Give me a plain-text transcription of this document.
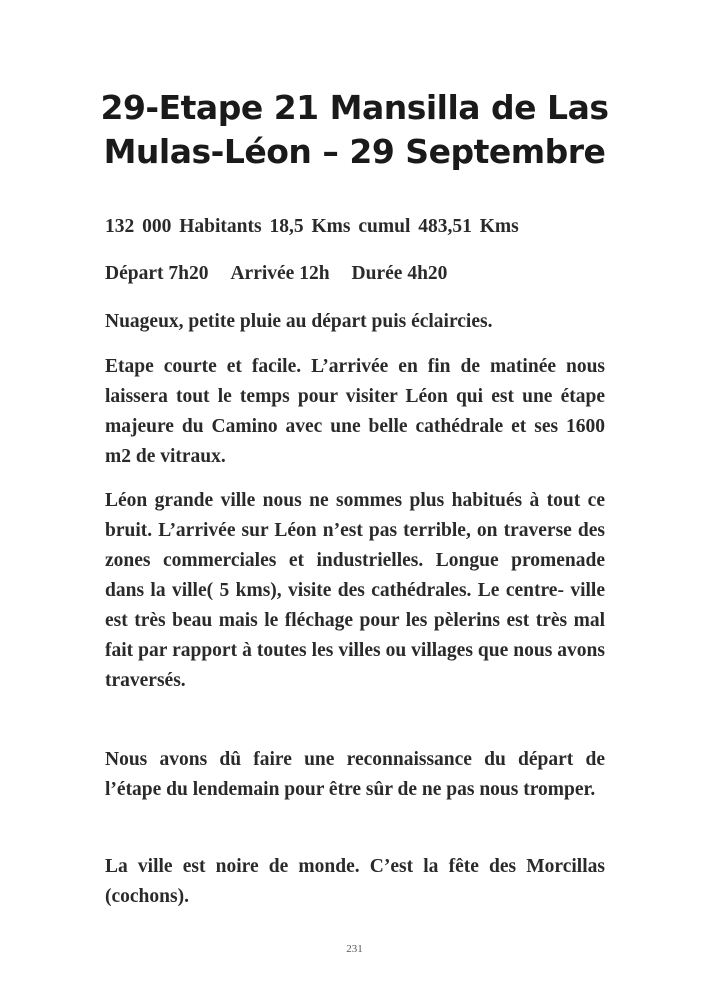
29-Etape 21 Mansilla de Las
Mulas-Léon – 29 Septembre

132 000 Habitants 18,5 Kms cumul 483,51 Kms

Départ 7h20 Arrivée 12h Durée 4h20

Nuageux, petite pluie au départ puis éclaircies.

Etape courte et facile. L’arrivée en fin de matinée nous laissera tout le temps pour visiter Léon qui est une étape majeure du Camino avec une belle cathédrale et ses 1600 m2 de vitraux.

Léon grande ville nous ne sommes plus habitués à tout ce bruit. L’arrivée sur Léon n’est pas terrible, on traverse des zones commerciales et industrielles. Longue promenade dans la ville( 5 kms), visite des cathédrales. Le centre- ville est très beau mais le fléchage pour les pèlerins est très mal fait par rapport à toutes les villes ou villages que nous avons traversés.

Nous avons dû faire une reconnaissance du départ de l’étape du lendemain pour être sûr de ne pas nous tromper.

La ville est noire de monde. C’est la fête des Morcillas (cochons).

231
